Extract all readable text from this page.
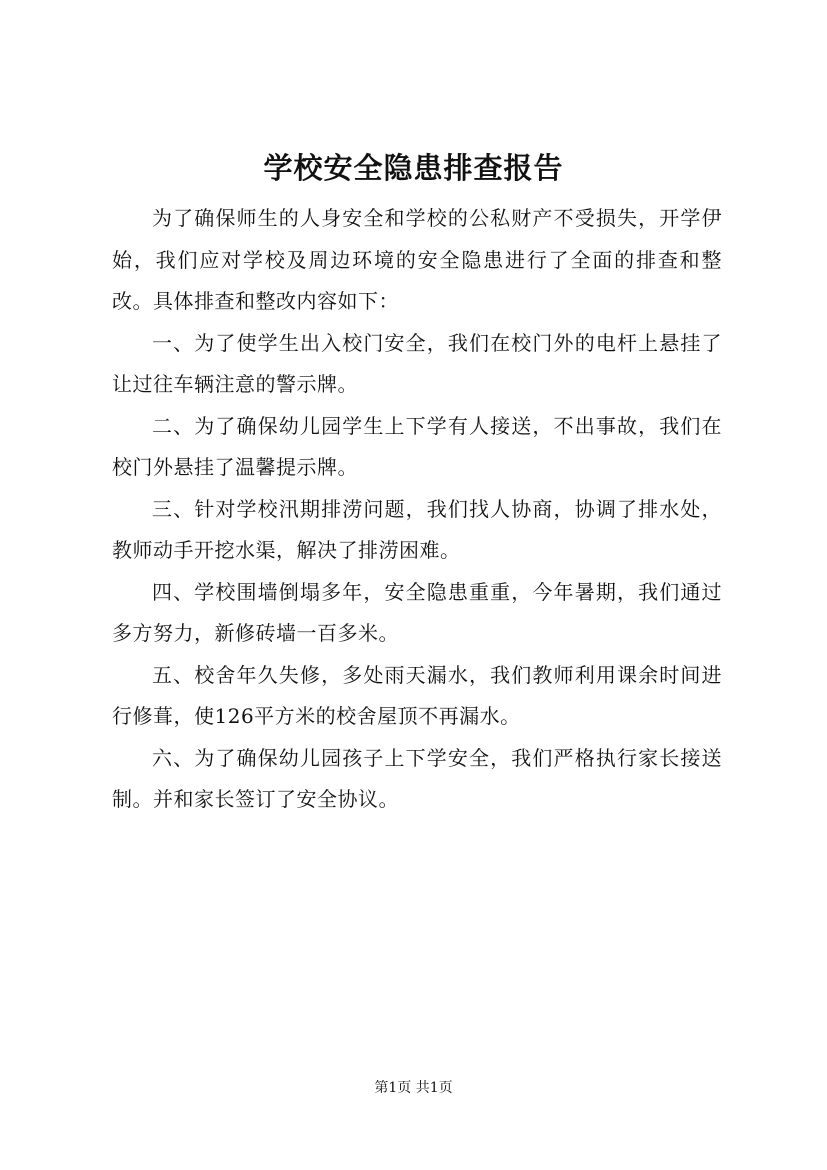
学校安全隐患排查报告

为了确保师生的人身安全和学校的公私财产不受损失，开学伊始，我们应对学校及周边环境的安全隐患进行了全面的排查和整改。具体排查和整改内容如下：

一、为了使学生出入校门安全，我们在校门外的电杆上悬挂了让过往车辆注意的警示牌。

二、为了确保幼儿园学生上下学有人接送，不出事故，我们在校门外悬挂了温馨提示牌。

三、针对学校汛期排涝问题，我们找人协商，协调了排水处，教师动手开挖水渠，解决了排涝困难。

四、学校围墙倒塌多年，安全隐患重重，今年暑期，我们通过多方努力，新修砖墙一百多米。

五、校舍年久失修，多处雨天漏水，我们教师利用课余时间进行修葺，使126平方米的校舍屋顶不再漏水。

六、为了确保幼儿园孩子上下学安全，我们严格执行家长接送制。并和家长签订了安全协议。

第1页 共1页
